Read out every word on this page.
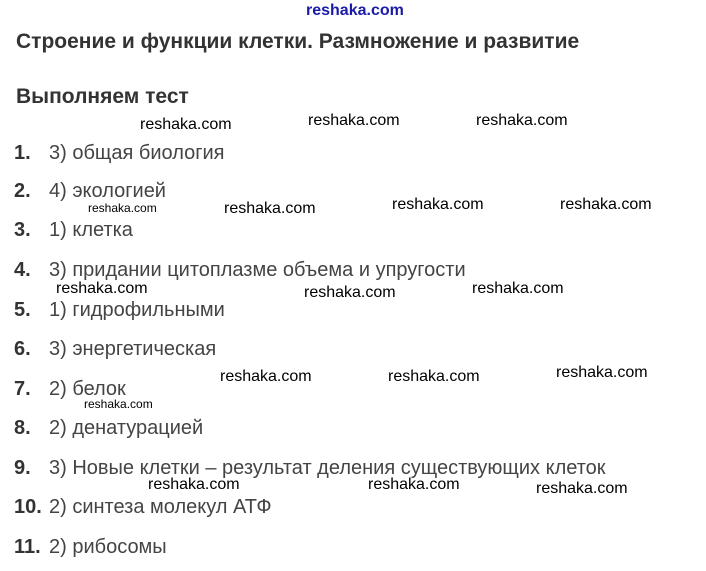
reshaka.com
Строение и функции клетки. Размножение и развитие
Выполняем тест
1. 3) общая биология
2. 4) экологией
3. 1) клетка
4. 3) придании цитоплазме объема и упругости
5. 1) гидрофильными
6. 3) энергетическая
7. 2) белок
8. 2) денатурацией
9. 3) Новые клетки – результат деления существующих клеток
10. 2) синтеза молекул АТФ
11. 2) рибосомы
reshaka.com	reshaka.com	reshaka.com
reshaka.com	reshaka.com	reshaka.com	reshaka.com
reshaka.com	reshaka.com	reshaka.com
reshaka.com	reshaka.com	reshaka.com
reshaka.com
reshaka.com	reshaka.com	reshaka.com
